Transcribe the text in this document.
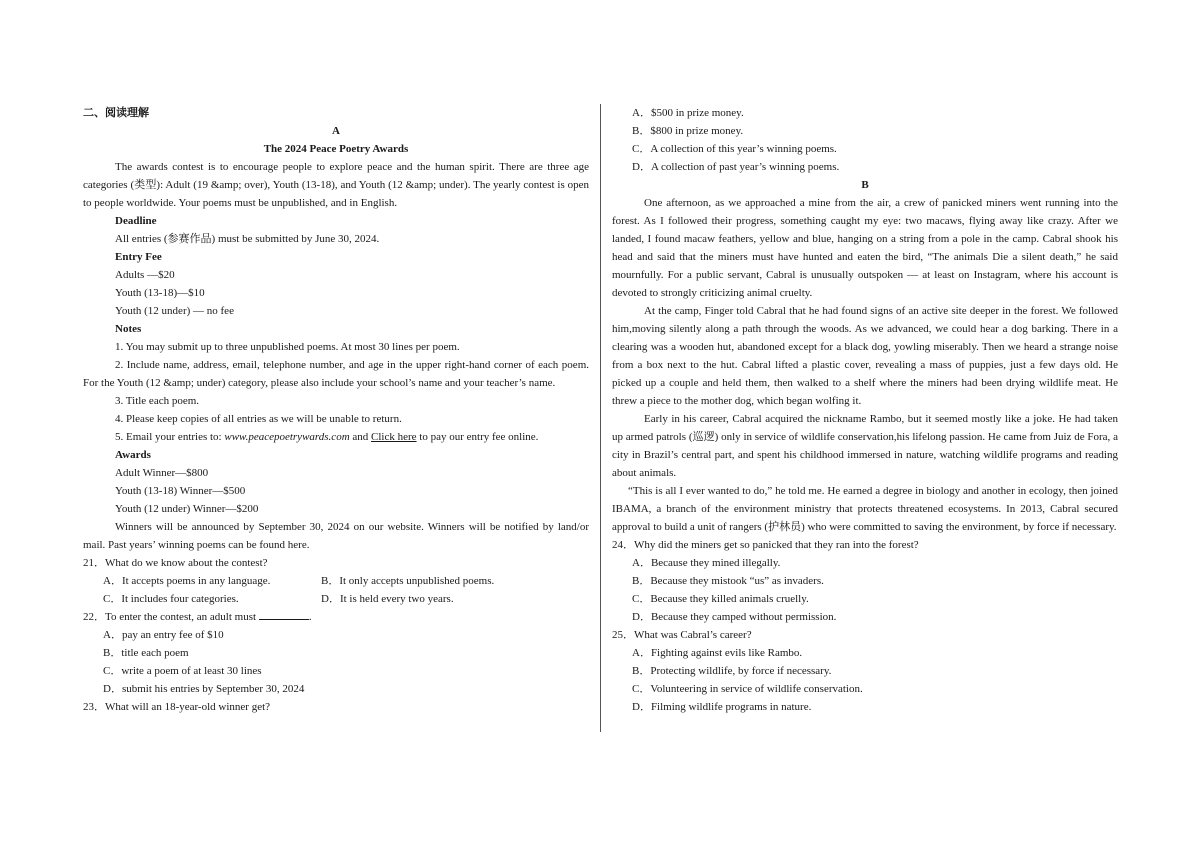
二、阅读理解

A

The 2024 Peace Poetry Awards

The awards contest is to encourage people to explore peace and the human spirit. There are three age categories (类型): Adult (19 &amp; over), Youth (13-18), and Youth (12 &amp; under). The yearly contest is open to people worldwide. Your poems must be unpublished, and in English.

Deadline

All entries (参赛作品) must be submitted by June 30, 2024.

Entry Fee

Adults —$20

Youth (13-18)—$10

Youth (12 under) — no fee

Notes

1. You may submit up to three unpublished poems. At most 30 lines per poem.

2. Include name, address, email, telephone number, and age in the upper right-hand corner of each poem. For the Youth (12 &amp; under) category, please also include your school’s name and your teacher’s name.

3. Title each poem.

4. Please keep copies of all entries as we will be unable to return.

5. Email your entries to: www.peacepoetrywards.com and Click here to pay our entry fee online.

Awards

Adult Winner—$800

Youth (13-18) Winner—$500

Youth (12 under) Winner—$200

Winners will be announced by September 30, 2024 on our website. Winners will be notified by land/or mail. Past years’ winning poems can be found here.

21．What do we know about the contest?

A．It accepts poems in any language.	B．It only accepts unpublished poems.
C．It includes four categories.	D．It is held every two years.

22．To enter the contest, an adult must	.

A．pay an entry fee of $10

B．title each poem

C．write a poem of at least 30 lines

D．submit his entries by September 30, 2024

23．What will an 18-year-old winner get?

A．$500 in prize money.

B．$800 in prize money.

C．A collection of this year’s winning poems.

D．A collection of past year’s winning poems.

B

One afternoon, as we approached a mine from the air, a crew of panicked miners went running into the forest. As I followed their progress, something caught my eye: two macaws, flying away like crazy. After we landed, I found macaw feathers, yellow and blue, hanging on a string from a pole in the camp. Cabral shook his head and said that the miners must have hunted and eaten the bird, “The animals Die a silent death,” he said mournfully. For a public servant, Cabral is unusually outspoken — at least on Instagram, where his account is devoted to strongly criticizing animal cruelty.

At the camp, Finger told Cabral that he had found signs of an active site deeper in the forest. We followed him,moving silently along a path through the woods. As we advanced, we could hear a dog barking. There in a clearing was a wooden hut, abandoned except for a black dog, yowling miserably. Then we heard a strange noise from a box next to the hut. Cabral lifted a plastic cover, revealing a mass of puppies, just a few days old. He picked up a couple and held them, then walked to a shelf where the miners had been drying wildlife meat. He threw a piece to the mother dog, which began wolfing it.

Early in his career, Cabral acquired the nickname Rambo, but it seemed mostly like a joke. He had taken up armed patrols (巡逻) only in service of wildlife conservation,his lifelong passion. He came from Juiz de Fora, a city in Brazil’s central part, and spent his childhood immersed in nature, watching wildlife programs and reading about animals.

“This is all I ever wanted to do,” he told me. He earned a degree in biology and another in ecology, then joined IBAMA, a branch of the environment ministry that protects threatened ecosystems. In 2013, Cabral secured approval to build a unit of rangers (护林员) who were committed to saving the environment, by force if necessary.

24．Why did the miners get so panicked that they ran into the forest?

A．Because they mined illegally.

B．Because they mistook “us” as invaders.

C．Because they killed animals cruelly.

D．Because they camped without permission.

25．What was Cabral’s career?

A．Fighting against evils like Rambo.

B．Protecting wildlife, by force if necessary.

C．Volunteering in service of wildlife conservation.

D．Filming wildlife programs in nature.
